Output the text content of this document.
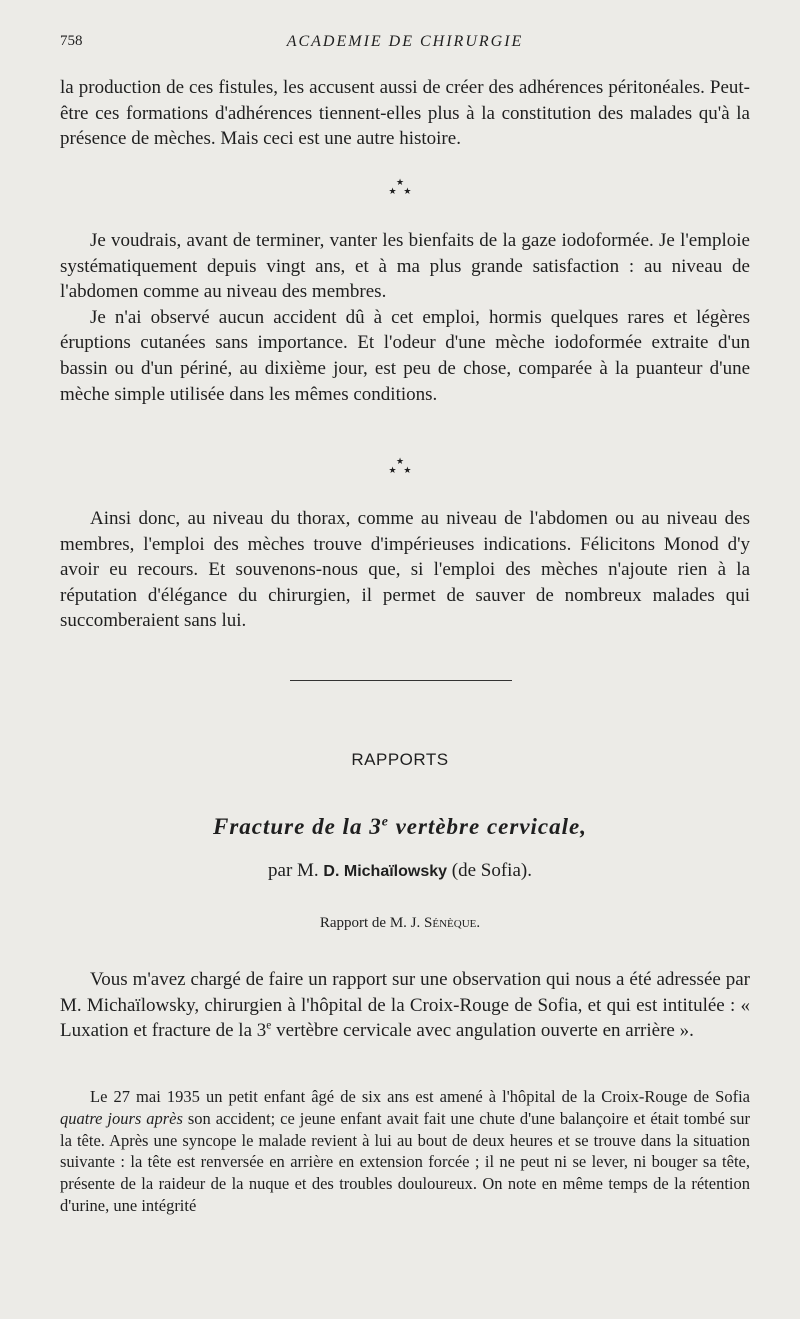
758	ACADEMIE DE CHIRURGIE

la production de ces fistules, les accusent aussi de créer des adhérences péritonéales. Peut-être ces formations d'adhérences tiennent-elles plus à la constitution des malades qu'à la présence de mèches. Mais ceci est une autre histoire.

★
★ ★

Je voudrais, avant de terminer, vanter les bienfaits de la gaze iodoformée. Je l'emploie systématiquement depuis vingt ans, et à ma plus grande satisfaction : au niveau de l'abdomen comme au niveau des membres.

Je n'ai observé aucun accident dû à cet emploi, hormis quelques rares et légères éruptions cutanées sans importance. Et l'odeur d'une mèche iodoformée extraite d'un bassin ou d'un périné, au dixième jour, est peu de chose, comparée à la puanteur d'une mèche simple utilisée dans les mêmes conditions.

★
★ ★

Ainsi donc, au niveau du thorax, comme au niveau de l'abdomen ou au niveau des membres, l'emploi des mèches trouve d'impérieuses indications. Félicitons Monod d'y avoir eu recours. Et souvenons-nous que, si l'emploi des mèches n'ajoute rien à la réputation d'élégance du chirurgien, il permet de sauver de nombreux malades qui succomberaient sans lui.

RAPPORTS
Fracture de la 3e vertèbre cervicale,
par M. D. Michaïlowsky (de Sofia).
Rapport de M. J. Sénèque.

Vous m'avez chargé de faire un rapport sur une observation qui nous a été adressée par M. Michaïlowsky, chirurgien à l'hôpital de la Croix-Rouge de Sofia, et qui est intitulée : « Luxation et fracture de la 3e vertèbre cervicale avec angulation ouverte en arrière ».

Le 27 mai 1935 un petit enfant âgé de six ans est amené à l'hôpital de la Croix-Rouge de Sofia quatre jours après son accident; ce jeune enfant avait fait une chute d'une balançoire et était tombé sur la tête. Après une syncope le malade revient à lui au bout de deux heures et se trouve dans la situation suivante : la tête est renversée en arrière en extension forcée ; il ne peut ni se lever, ni bouger sa tête, présente de la raideur de la nuque et des troubles douloureux. On note en même temps de la rétention d'urine, une intégrité
